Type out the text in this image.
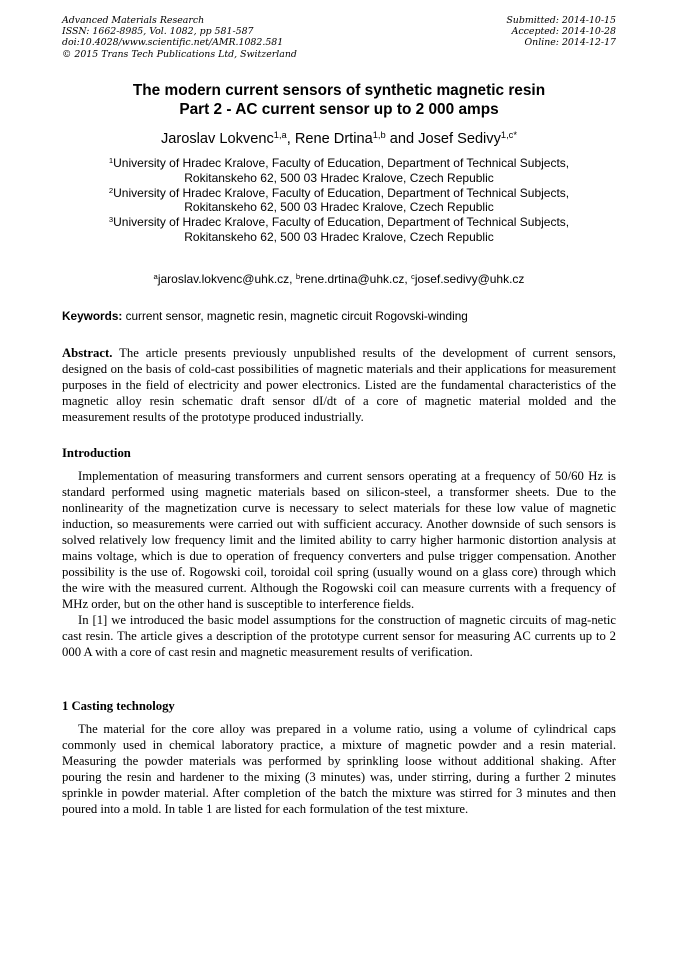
Advanced Materials Research
ISSN: 1662-8985, Vol. 1082, pp 581-587
doi:10.4028/www.scientific.net/AMR.1082.581
© 2015 Trans Tech Publications Ltd, Switzerland
Submitted: 2014-10-15
Accepted: 2014-10-28
Online: 2014-12-17
The modern current sensors of synthetic magnetic resin
Part 2 - AC current sensor up to 2 000 amps
Jaroslav Lokvenc$^{1,a}$, Rene Drtina$^{1,b}$ and Josef Sedivy$^{1,c*}$
$^1$University of Hradec Kralove, Faculty of Education, Department of Technical Subjects,
Rokitanskeho 62, 500 03 Hradec Kralove, Czech Republic
$^2$University of Hradec Kralove, Faculty of Education, Department of Technical Subjects,
Rokitanskeho 62, 500 03 Hradec Kralove, Czech Republic
$^3$University of Hradec Kralove, Faculty of Education, Department of Technical Subjects,
Rokitanskeho 62, 500 03 Hradec Kralove, Czech Republic
$^a$jaroslav.lokvenc@uhk.cz, $^b$rene.drtina@uhk.cz, $^c$josef.sedivy@uhk.cz
Keywords: current sensor, magnetic resin, magnetic circuit Rogovski-winding

Abstract. The article presents previously unpublished results of the development of current sensors, designed on the basis of cold-cast possibilities of magnetic materials and their applications for measurement purposes in the field of electricity and power electronics. Listed are the fundamental characteristics of the magnetic alloy resin schematic draft sensor dI/dt of a core of magnetic material molded and the measurement results of the prototype produced industrially.

Introduction

Implementation of measuring transformers and current sensors operating at a frequency of 50/60 Hz is standard performed using magnetic materials based on silicon-steel, a transformer sheets. Due to the nonlinearity of the magnetization curve is necessary to select materials for these low value of magnetic induction, so measurements were carried out with sufficient accuracy. Another downside of such sensors is solved relatively low frequency limit and the limited ability to carry higher harmonic distortion analysis at mains voltage, which is due to operation of frequency converters and pulse trigger compensation. Another possibility is the use of. Rogowski coil, toroidal coil spring (usually wound on a glass core) through which the wire with the measured current. Although the Rogowski coil can measure currents with a frequency of MHz order, but on the other hand is susceptible to interference fields.

In [1] we introduced the basic model assumptions for the construction of magnetic circuits of mag-netic cast resin. The article gives a description of the prototype current sensor for measuring AC currents up to 2 000 A with a core of cast resin and magnetic measurement results of verification.

1 Casting technology

The material for the core alloy was prepared in a volume ratio, using a volume of cylindrical caps commonly used in chemical laboratory practice, a mixture of magnetic powder and a resin material. Measuring the powder materials was performed by sprinkling loose without additional shaking. After pouring the resin and hardener to the mixing (3 minutes) was, under stirring, during a further 2 minutes sprinkle in powder material. After completion of the batch the mixture was stirred for 3 minutes and then poured into a mold. In table 1 are listed for each formulation of the test mixture.
